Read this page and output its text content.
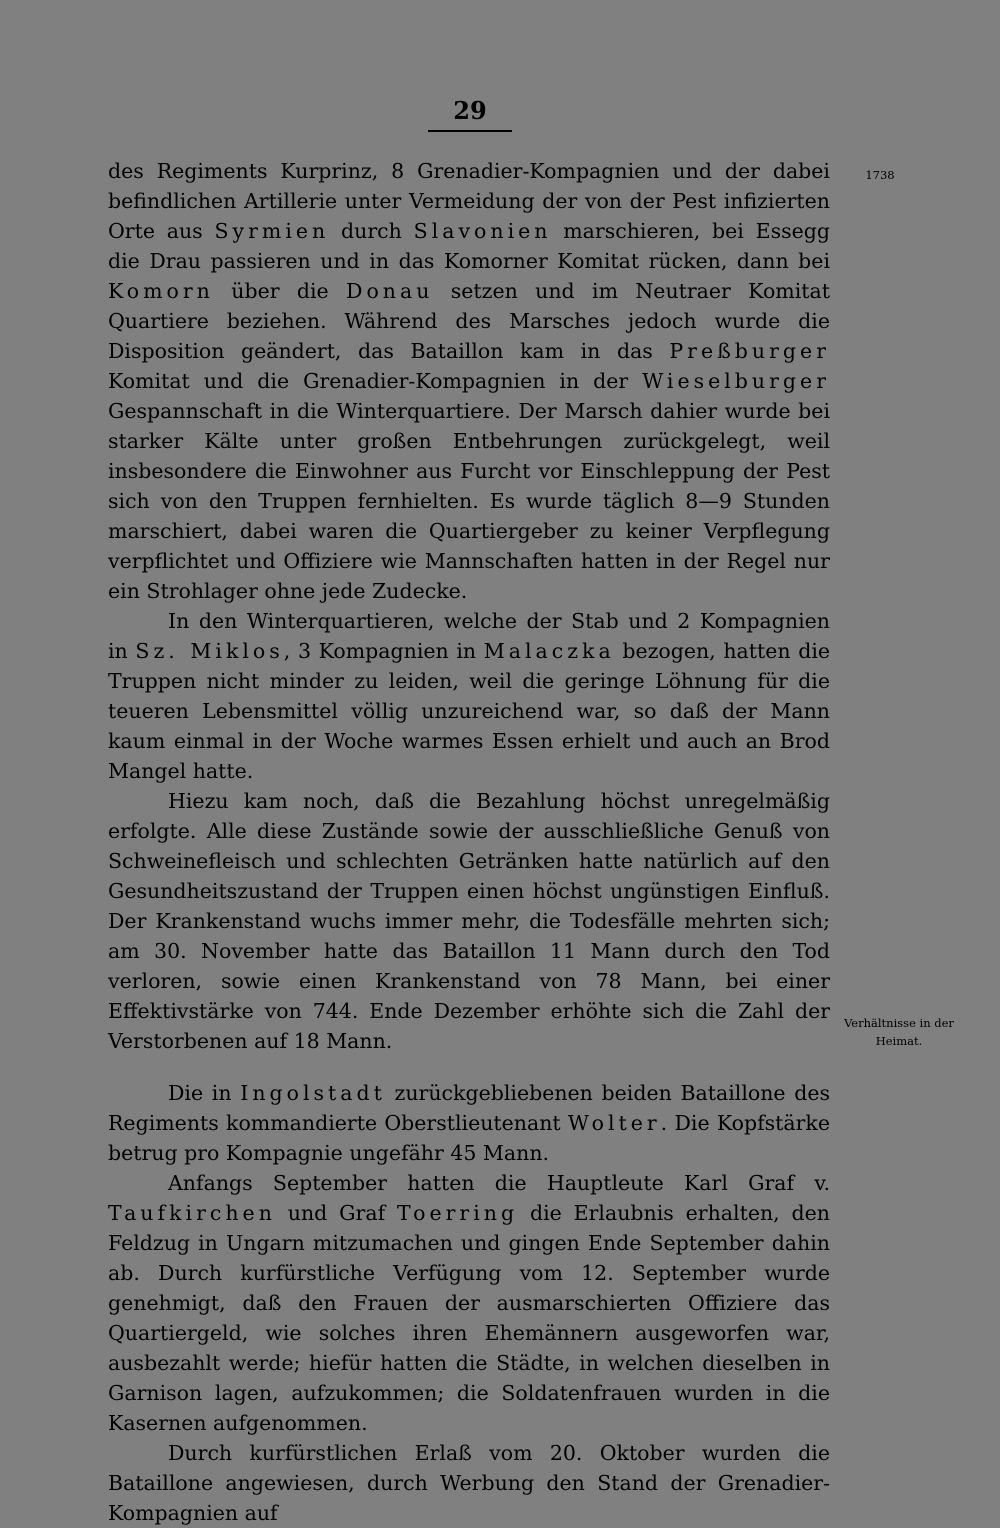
29
1738
Verhältnisse in der Heimat.

des Regiments Kurprinz, 8 Grenadier-Kompagnien und der dabei befindlichen Artillerie unter Vermeidung der von der Pest infizierten Orte aus Syrmien durch Slavonien marschieren, bei Essegg die Drau passieren und in das Komorner Komitat rücken, dann bei Komorn über die Donau setzen und im Neutraer Komitat Quartiere beziehen. Während des Marsches jedoch wurde die Disposition geändert, das Bataillon kam in das Preßburger Komitat und die Grenadier-Kompagnien in der Wieselburger Gespannschaft in die Winterquartiere. Der Marsch dahier wurde bei starker Kälte unter großen Entbehrungen zurückgelegt, weil insbesondere die Einwohner aus Furcht vor Einschleppung der Pest sich von den Truppen fernhielten. Es wurde täglich 8—9 Stunden marschiert, dabei waren die Quartiergeber zu keiner Verpflegung verpflichtet und Offiziere wie Mannschaften hatten in der Regel nur ein Strohlager ohne jede Zudecke.

In den Winterquartieren, welche der Stab und 2 Kompagnien in Sz. Miklos, 3 Kompagnien in Malaczka bezogen, hatten die Truppen nicht minder zu leiden, weil die geringe Löhnung für die teueren Lebensmittel völlig unzureichend war, so daß der Mann kaum einmal in der Woche warmes Essen erhielt und auch an Brod Mangel hatte.

Hiezu kam noch, daß die Bezahlung höchst unregelmäßig erfolgte. Alle diese Zustände sowie der ausschließliche Genuß von Schweinefleisch und schlechten Getränken hatte natürlich auf den Gesundheitszustand der Truppen einen höchst ungünstigen Einfluß. Der Krankenstand wuchs immer mehr, die Todesfälle mehrten sich; am 30. November hatte das Bataillon 11 Mann durch den Tod verloren, sowie einen Krankenstand von 78 Mann, bei einer Effektivstärke von 744. Ende Dezember erhöhte sich die Zahl der Verstorbenen auf 18 Mann.

Die in Ingolstadt zurückgebliebenen beiden Bataillone des Regiments kommandierte Oberstlieutenant Wolter. Die Kopfstärke betrug pro Kompagnie ungefähr 45 Mann.

Anfangs September hatten die Hauptleute Karl Graf v. Taufkirchen und Graf Toerring die Erlaubnis erhalten, den Feldzug in Ungarn mitzumachen und gingen Ende September dahin ab. Durch kurfürstliche Verfügung vom 12. September wurde genehmigt, daß den Frauen der ausmarschierten Offiziere das Quartiergeld, wie solches ihren Ehemännern ausgeworfen war, ausbezahlt werde; hiefür hatten die Städte, in welchen dieselben in Garnison lagen, aufzukommen; die Soldatenfrauen wurden in die Kasernen aufgenommen.

Durch kurfürstlichen Erlaß vom 20. Oktober wurden die Bataillone angewiesen, durch Werbung den Stand der Grenadier-Kompagnien auf
